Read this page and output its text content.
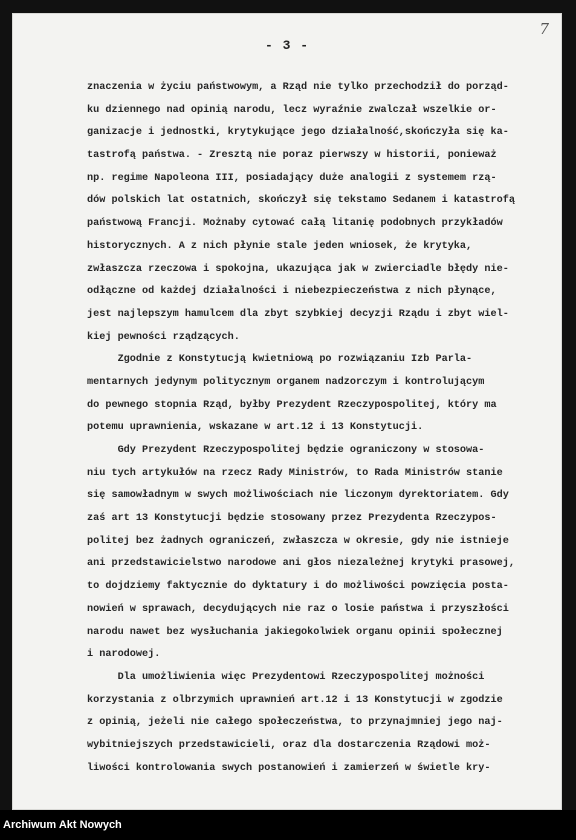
- 3 -
7
znaczenia w życiu państwowym, a Rząd nie tylko przechodził do porząd-
ku dziennego nad opinią narodu, lecz wyraźnie zwalczał wszelkie or-
ganizacje i jednostki, krytykujące jego działalność,skończyła się ka-
tastrofą państwa. - Zresztą nie poraz pierwszy w historii, ponieważ
np. regime Napoleona III, posiadający duże analogii z systemem rzą-
dów polskich lat ostatnich, skończył się tekstamo Sedanem i katastrofą
państwową Francji. Możnaby cytować całą litanię podobnych przykładów
historycznych. A z nich płynie stale jeden wniosek, że krytyka,
zwłaszcza rzeczowa i spokojna, ukazująca jak w zwierciadle błędy nie-
odłączne od każdej działalności i niebezpieczeństwa z nich płynące,
jest najlepszym hamulcem dla zbyt szybkiej decyzji Rządu i zbyt wiel-
kiej pewności rządzących.
Zgodnie z Konstytucją kwietniową po rozwiązaniu Izb Parla-
mentarnych jedynym politycznym organem nadzorczym i kontrolującym
do pewnego stopnia Rząd, byłby Prezydent Rzeczypospolitej, który ma
potemu uprawnienia, wskazane w art.12 i 13 Konstytucji.
Gdy Prezydent Rzeczypospolitej będzie ograniczony w stosowa-
niu tych artykułów na rzecz Rady Ministrów, to Rada Ministrów stanie
się samowładnym w swych możliwościach nie liczonym dyrektoriatem. Gdy
zaś art 13 Konstytucji będzie stosowany przez Prezydenta Rzeczypos-
politej bez żadnych ograniczeń, zwłaszcza w okresie, gdy nie istnieje
ani przedstawicielstwo narodowe ani głos niezależnej krytyki prasowej,
to dojdziemy faktycznie do dyktatury i do możliwości powzięcia posta-
nowień w sprawach, decydujących nie raz o losie państwa i przyszłości
narodu nawet bez wysłuchania jakiegokolwiek organu opinii społecznej
i narodowej.
Dla umożliwienia więc Prezydentowi Rzeczypospolitej możności
korzystania z olbrzymich uprawnień art.12 i 13 Konstytucji w zgodzie
z opinią, jeżeli nie całego społeczeństwa, to przynajmniej jego naj-
wybitniejszych przedstawicieli, oraz dla dostarczenia Rządowi moż-
liwości kontrolowania swych postanowień i zamierzeń w świetle kry-
Archiwum Akt Nowych
